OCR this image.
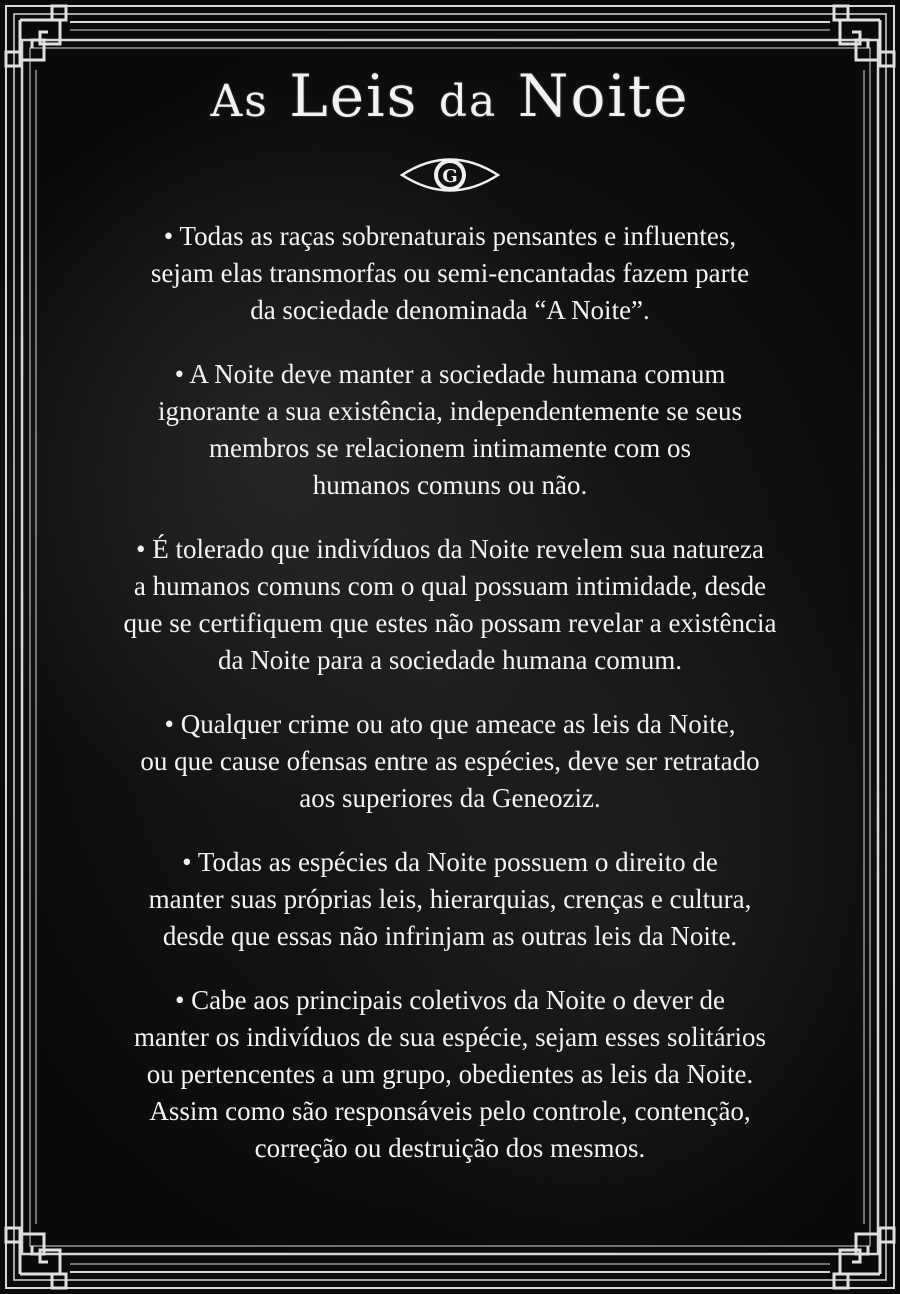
As Leis da Noite
G
• Todas as raças sobrenaturais pensantes e influentes,
sejam elas transmorfas ou semi-encantadas fazem parte
da sociedade denominada “A Noite”.
• A Noite deve manter a sociedade humana comum
ignorante a sua existência, independentemente se seus
membros se relacionem intimamente com os
humanos comuns ou não.
• É tolerado que indivíduos da Noite revelem sua natureza
a humanos comuns com o qual possuam intimidade, desde
que se certifiquem que estes não possam revelar a existência
da Noite para a sociedade humana comum.
• Qualquer crime ou ato que ameace as leis da Noite,
ou que cause ofensas entre as espécies, deve ser retratado
aos superiores da Geneoziz.
• Todas as espécies da Noite possuem o direito de
manter suas próprias leis, hierarquias, crenças e cultura,
desde que essas não infrinjam as outras leis da Noite.
• Cabe aos principais coletivos da Noite o dever de
manter os indivíduos de sua espécie, sejam esses solitários
ou pertencentes a um grupo, obedientes as leis da Noite.
Assim como são responsáveis pelo controle, contenção,
correção ou destruição dos mesmos.
